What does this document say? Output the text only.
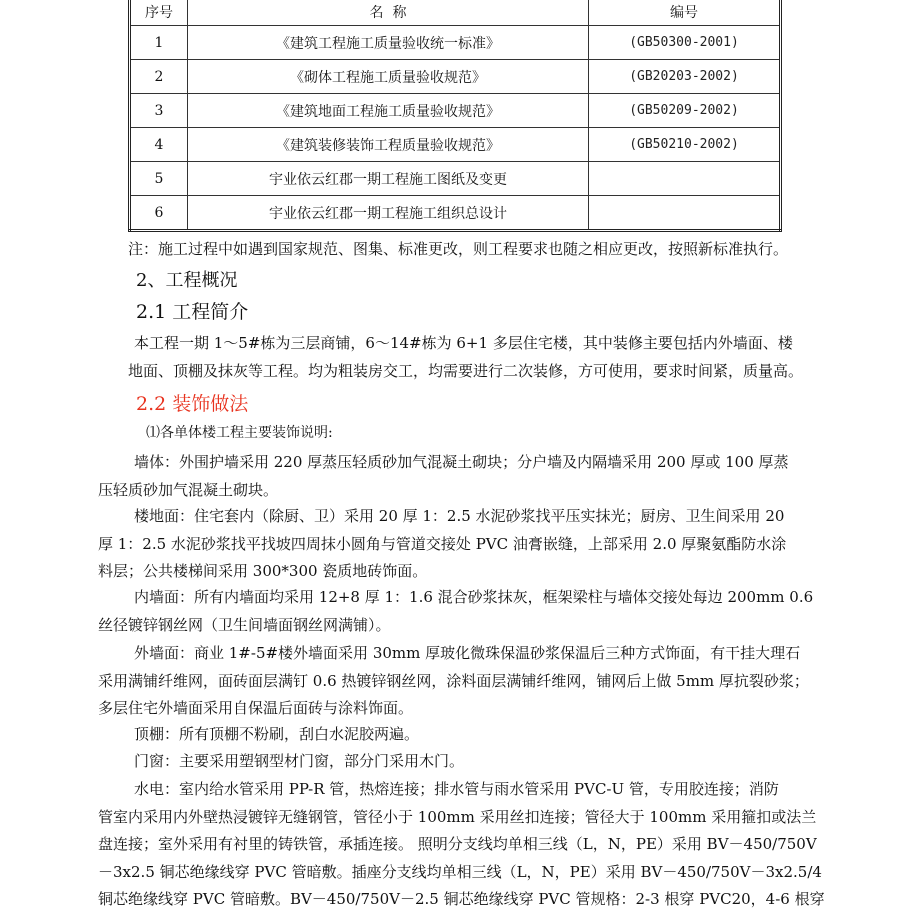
序号	名  称	编号
1	《建筑工程施工质量验收统一标准》	(GB50300-2001)
2	《砌体工程施工质量验收规范》	(GB20203-2002)
3	《建筑地面工程施工质量验收规范》	(GB50209-2002)
4	《建筑装修装饰工程质量验收规范》	(GB50210-2002)
5	宇业依云红郡一期工程施工图纸及变更	
6	宇业依云红郡一期工程施工组织总设计	
注：施工过程中如遇到国家规范、图集、标准更改，则工程要求也随之相应更改，按照新标准执行。
2、工程概况
2.1 工程简介
本工程一期 1～5#栋为三层商铺，6～14#栋为 6+1 多层住宅楼，其中装修主要包括内外墙面、楼
地面、顶棚及抹灰等工程。均为粗装房交工，均需要进行二次装修，方可使用，要求时间紧，质量高。
2.2 装饰做法
⑴各单体楼工程主要装饰说明:
墙体：外围护墙采用 220 厚蒸压轻质砂加气混凝土砌块；分户墙及内隔墙采用 200 厚或 100 厚蒸
压轻质砂加气混凝土砌块。
楼地面：住宅套内（除厨、卫）采用 20 厚 1：2.5 水泥砂浆找平压实抹光；厨房、卫生间采用 20
厚 1：2.5 水泥砂浆找平找坡四周抹小圆角与管道交接处 PVC 油膏嵌缝，上部采用 2.0 厚聚氨酯防水涂
料层；公共楼梯间采用 300*300 瓷质地砖饰面。
内墙面：所有内墙面均采用 12+8 厚 1：1.6 混合砂浆抹灰，框架梁柱与墙体交接处每边 200mm 0.6
丝径镀锌钢丝网（卫生间墙面钢丝网满铺）。
外墙面：商业 1#-5#楼外墙面采用 30mm 厚玻化微珠保温砂浆保温后三种方式饰面，有干挂大理石
采用满铺纤维网，面砖面层满钉 0.6 热镀锌钢丝网，涂料面层满铺纤维网，铺网后上做 5mm 厚抗裂砂浆；
多层住宅外墙面采用自保温后面砖与涂料饰面。
顶棚：所有顶棚不粉刷，刮白水泥胶两遍。
门窗：主要采用塑钢型材门窗，部分门采用木门。
水电：室内给水管采用 PP-R 管，热熔连接；排水管与雨水管采用 PVC-U 管，专用胶连接；消防
管室内采用内外壁热浸镀锌无缝钢管，管径小于 100mm 采用丝扣连接；管径大于 100mm 采用箍扣或法兰
盘连接；室外采用有衬里的铸铁管，承插连接。 照明分支线均单相三线（L，N，PE）采用 BV－450/750V
－3x2.5 铜芯绝缘线穿 PVC 管暗敷。插座分支线均单相三线（L，N，PE）采用 BV－450/750V－3x2.5/4
铜芯绝缘线穿 PVC 管暗敷。BV－450/750V－2.5 铜芯绝缘线穿 PVC 管规格：2-3 根穿 PVC20，4-6 根穿
